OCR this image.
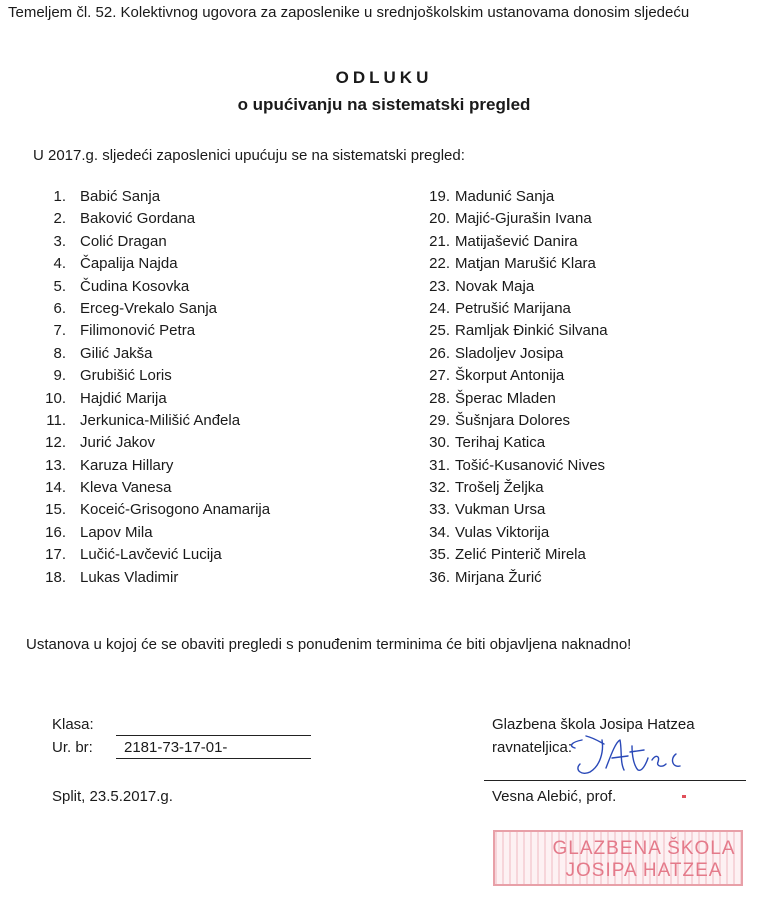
Temeljem čl. 52. Kolektivnog ugovora za zaposlenike u srednjoškolskim ustanovama donosim sljedeću
ODLUKU
o upućivanju na sistematski pregled
U 2017.g. sljedeći zaposlenici upućuju se na sistematski pregled:
1. Babić Sanja
2. Baković Gordana
3. Colić Dragan
4. Čapalija Najda
5. Čudina Kosovka
6. Erceg-Vrekalo Sanja
7. Filimonović Petra
8. Gilić Jakša
9. Grubišić Loris
10. Hajdić Marija
11. Jerkunica-Milišić Anđela
12. Jurić Jakov
13. Karuza Hillary
14. Kleva Vanesa
15. Koceić-Grisogono Anamarija
16. Lapov Mila
17. Lučić-Lavčević Lucija
18. Lukas Vladimir
19. Madunić Sanja
20. Majić-Gjurašin Ivana
21. Matijašević Danira
22. Matjan Marušić Klara
23. Novak Maja
24. Petrušić Marijana
25. Ramljak Đinkić Silvana
26. Sladoljev Josipa
27. Škorput Antonija
28. Šperac Mladen
29. Šušnjara Dolores
30. Terihaj Katica
31. Tošić-Kusanović Nives
32. Trošelj Željka
33. Vukman Ursa
34. Vulas Viktorija
35. Zelić Pinterič Mirela
36. Mirjana Žurić
Ustanova u kojoj će se obaviti pregledi s ponuđenim terminima će biti objavljena naknadno!
Klasa:
Ur. br: 2181-73-17-01-
Split, 23.5.2017.g.
Glazbena škola Josipa Hatzea
ravnateljica:
Vesna Alebić, prof.
GLAZBENA ŠKOLA
JOSIPA HATZEA
